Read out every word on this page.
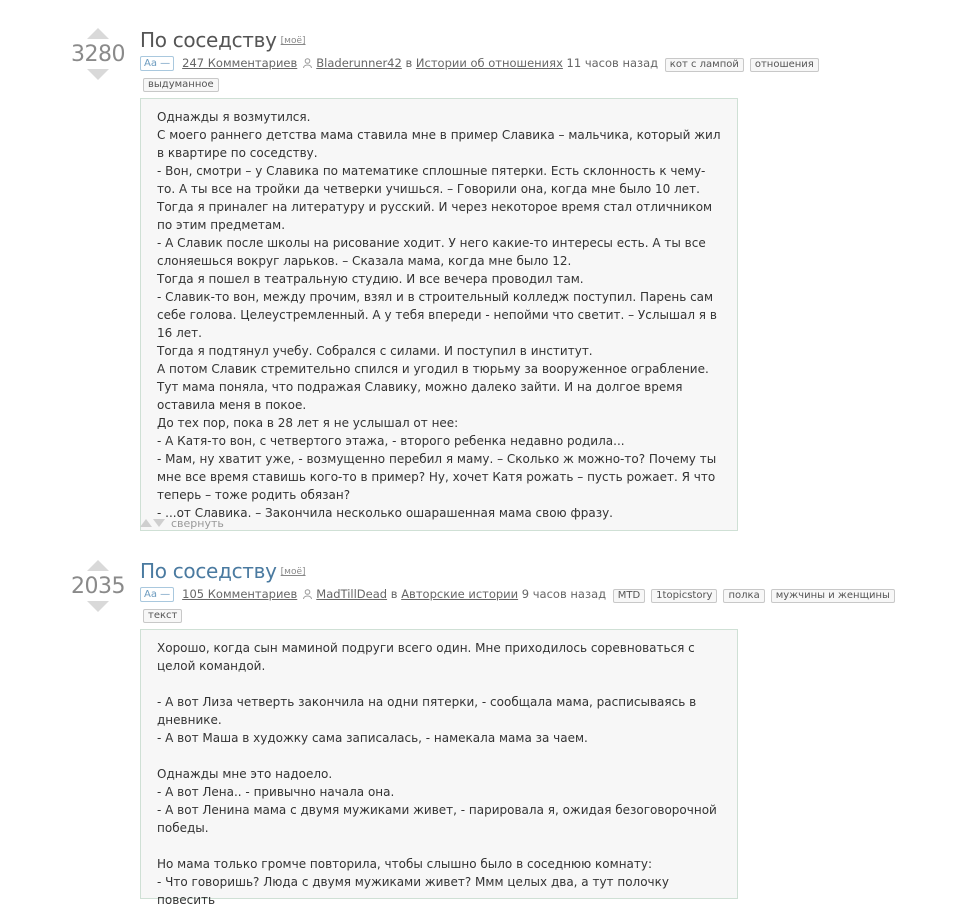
3280
По соседству [моё]
Аа — 247 Комментариев Bladerunner42 в Истории об отношениях 11 часов назад кот с лампой отношениявыдуманное

Однажды я возмутился.

С моего раннего детства мама ставила мне в пример Славика – мальчика, который жил в квартире по соседству.

- Вон, смотри – у Славика по математике сплошные пятерки. Есть склонность к чему-то. А ты все на тройки да четверки учишься. – Говорили она, когда мне было 10 лет.

Тогда я приналег на литературу и русский. И через некоторое время стал отличником по этим предметам.

- А Славик после школы на рисование ходит. У него какие-то интересы есть. А ты все слоняешься вокруг ларьков. – Сказала мама, когда мне было 12.

Тогда я пошел в театральную студию. И все вечера проводил там.

- Славик-то вон, между прочим, взял и в строительный колледж поступил. Парень сам себе голова. Целеустремленный. А у тебя впереди - непойми что светит. – Услышал я в 16 лет.

Тогда я подтянул учебу. Собрался с силами. И поступил в институт.

А потом Славик стремительно спился и угодил в тюрьму за вооруженное ограбление. Тут мама поняла, что подражая Славику, можно далеко зайти. И на долгое время оставила меня в покое.

До тех пор, пока в 28 лет я не услышал от нее:

- А Катя-то вон, с четвертого этажа, - второго ребенка недавно родила...

- Мам, ну хватит уже, - возмущенно перебил я маму. – Сколько ж можно-то? Почему ты мне все время ставишь кого-то в пример? Ну, хочет Катя рожать – пусть рожает. Я что теперь – тоже родить обязан?

- ...от Славика. – Закончила несколько ошарашенная мама свою фразу.

свернуть
2035
По соседству [моё]
Аа — 105 Комментариев MadTillDead в Авторские истории 9 часов назад MTD 1topicstory полка мужчины и женщинытекст

Хорошо, когда сын маминой подруги всего один. Мне приходилось соревноваться с целой командой.

- А вот Лиза четверть закончила на одни пятерки, - сообщала мама, расписываясь в дневнике.

- А вот Маша в художку сама записалась, - намекала мама за чаем.

Однажды мне это надоело.

- А вот Лена.. - привычно начала она.

- А вот Ленина мама с двумя мужиками живет, - парировала я, ожидая безоговорочной победы.

Но мама только громче повторила, чтобы слышно было в соседнюю комнату:

- Что говоришь? Люда с двумя мужиками живет? Ммм целых два, а тут полочку повесить
